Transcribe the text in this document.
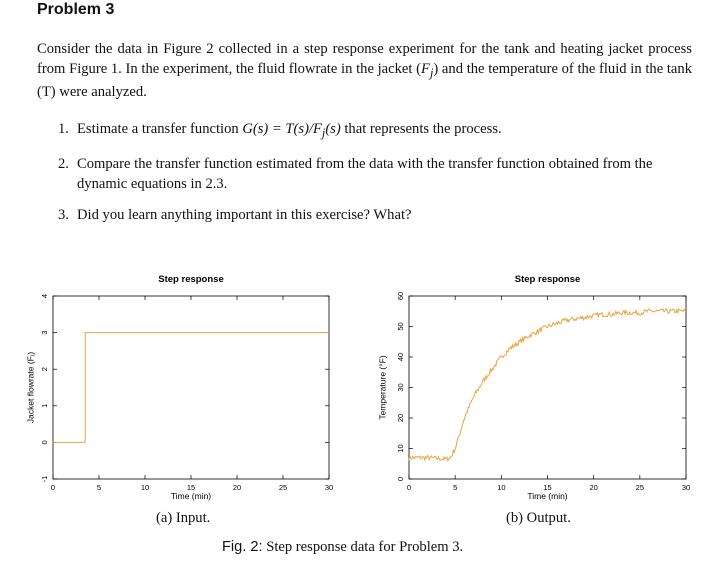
Problem 3
Consider the data in Figure 2 collected in a step response experiment for the tank and heating jacket process from Figure 1. In the experiment, the fluid flowrate in the jacket $(F_j)$ and the temperature of the fluid in the tank (T) were analyzed.
1. Estimate a transfer function $G(s) = T(s)/F_j(s)$ that represents the process.
2. Compare the transfer function estimated from the data with the transfer function obtained from the dynamic equations in 2.3.
3. Did you learn anything important in this exercise? What?
Step response
0	5	10	15	20	25	30
-1
0
1
2
3
4
Time (min)
Jacket flowrate (Fⱼ)
Step response
0	5	10	15	20	25	30
0
10
20
30
40
50
60
Time (min)
Temperature (°F)
(a) Input.	(b) Output.
Fig. 2: Step response data for Problem 3.
